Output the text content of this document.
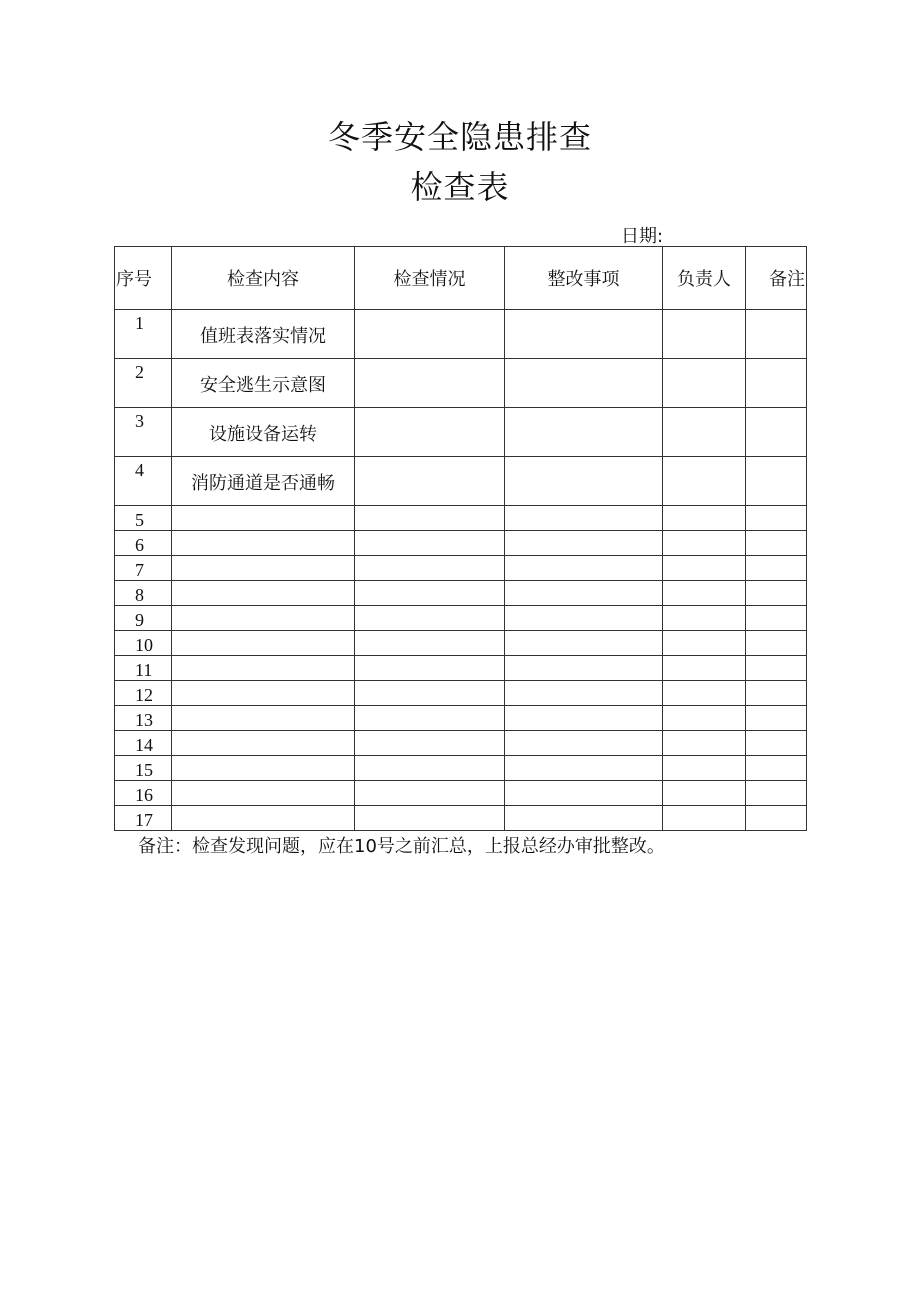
冬季安全隐患排查
检查表
日期:
序号	检查内容	检查情况	整改事项	负责人	备注
1	值班表落实情况				
2	安全逃生示意图				
3	设施设备运转				
4	消防通道是否通畅				
5					
6					
7					
8					
9					
10					
11					
12					
13					
14					
15					
16					
17					
备注：检查发现问题，应在10号之前汇总，上报总经办审批整改。
